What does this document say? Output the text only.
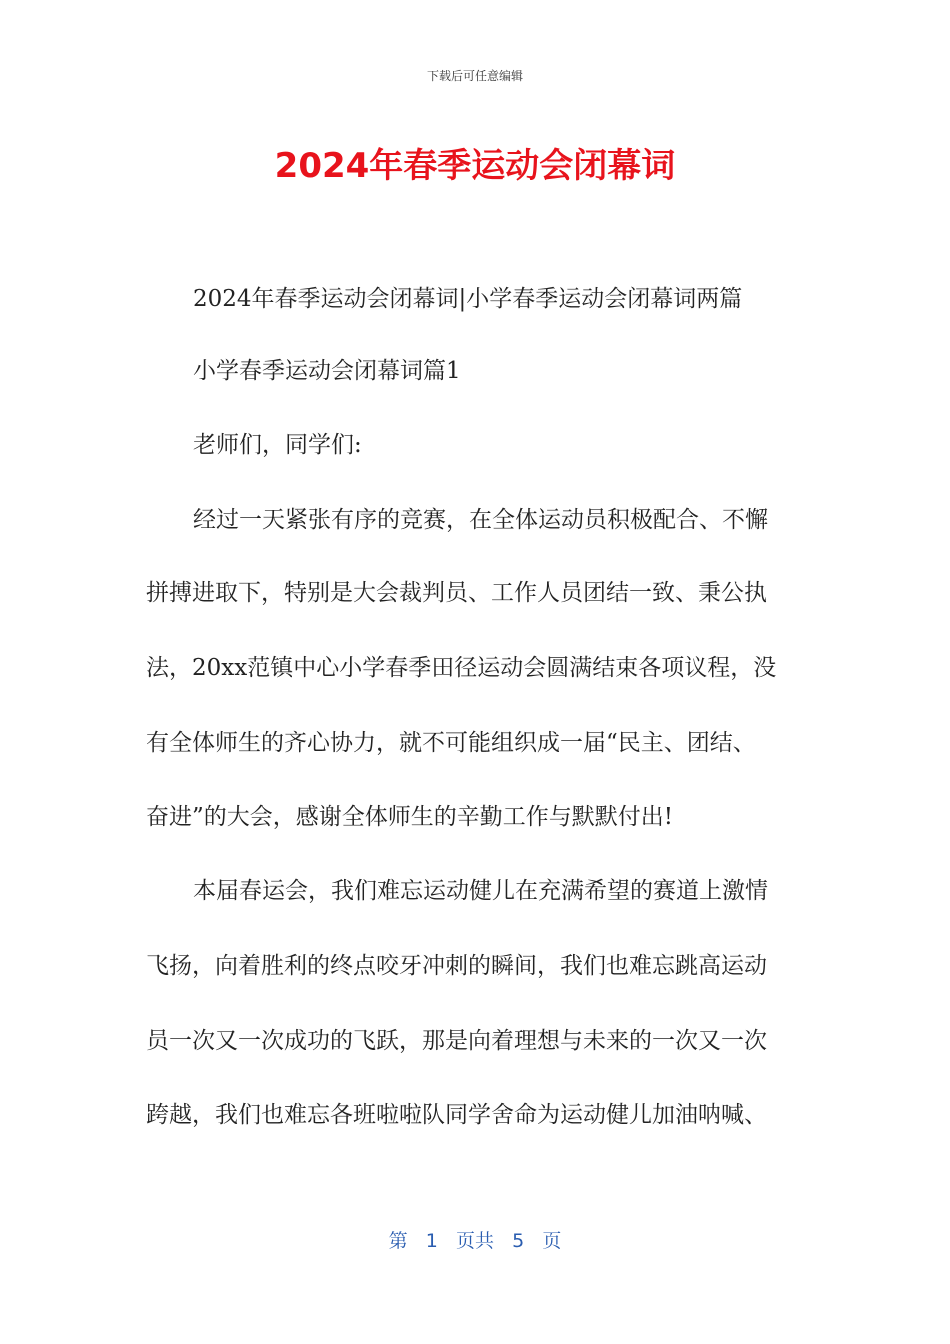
下载后可任意编辑
2024年春季运动会闭幕词
2024年春季运动会闭幕词|小学春季运动会闭幕词两篇
小学春季运动会闭幕词篇1
老师们，同学们:
经过一天紧张有序的竞赛，在全体运动员积极配合、不懈
拼搏进取下，特别是大会裁判员、工作人员团结一致、秉公执
法，20xx范镇中心小学春季田径运动会圆满结束各项议程，没
有全体师生的齐心协力，就不可能组织成一届“民主、团结、
奋进”的大会，感谢全体师生的辛勤工作与默默付出!
本届春运会，我们难忘运动健儿在充满希望的赛道上激情
飞扬，向着胜利的终点咬牙冲刺的瞬间，我们也难忘跳高运动
员一次又一次成功的飞跃，那是向着理想与未来的一次又一次
跨越，我们也难忘各班啦啦队同学舍命为运动健儿加油呐喊、
第 1 页共 5 页
